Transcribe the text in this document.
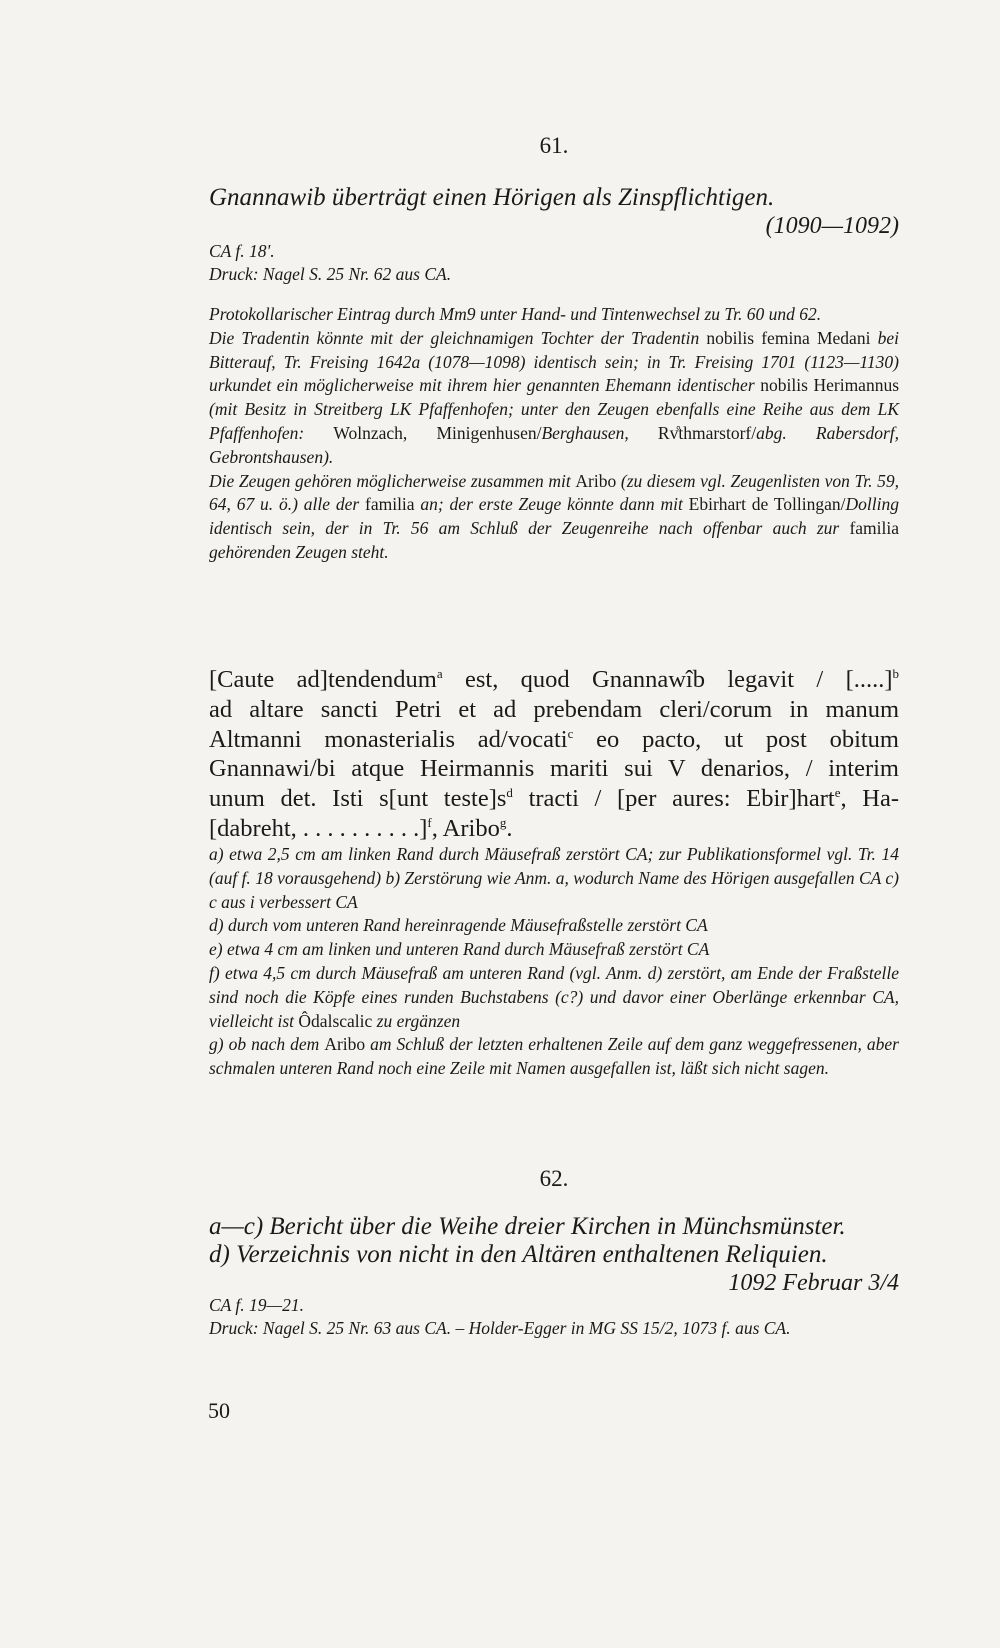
61.
Gnannawib überträgt einen Hörigen als Zinspflichtigen.
(1090—1092)
CA f. 18'.
Druck: Nagel S. 25 Nr. 62 aus CA.
Protokollarischer Eintrag durch Mm9 unter Hand- und Tintenwechsel zu Tr. 60 und 62.
Die Tradentin könnte mit der gleichnamigen Tochter der Tradentin nobilis femina Medani bei Bitterauf, Tr. Freising 1642a (1078—1098) identisch sein; in Tr. Freising 1701 (1123—1130) urkundet ein möglicherweise mit ihrem hier genannten Ehemann identischer nobilis Herimannus (mit Besitz in Streitberg LK Pfaffenhofen; unter den Zeugen ebenfalls eine Reihe aus dem LK Pfaffenhofen: Wolnzach, Minigenhusen/Berghausen, Rv̊thmarstorf/abg. Rabersdorf, Gebrontshausen).
Die Zeugen gehören möglicherweise zusammen mit Aribo (zu diesem vgl. Zeugenlisten von Tr. 59, 64, 67 u. ö.) alle der familia an; der erste Zeuge könnte dann mit Ebirhart de Tollingan/Dolling identisch sein, der in Tr. 56 am Schluß der Zeugenreihe nach offenbar auch zur familia gehörenden Zeugen steht.
[Caute ad]tendendum$^a$ est, quod Gnannawîb legavit / [.....]$^b$
ad altare sancti Petri et ad prebendam cleri/corum in manum
Altmanni monasterialis ad/vocati$^c$ eo pacto, ut post obitum
Gnannawi/bi atque Heirmannis mariti sui V denarios, / interim
unum det. Isti s[unt $teste]s^d$ tracti / [per aures: Ebir]hart$^e$, Ha-
[dabreht, . . . . . . . . . .]$^f$, Aribo$^g$.
a) etwa 2,5 cm am linken Rand durch Mäusefraß zerstört CA; zur Publikationsformel vgl. Tr. 14 (auf f. 18 vorausgehend) b) Zerstörung wie Anm. a, wodurch Name des Hörigen ausgefallen CA c) c aus i verbessert CA
d) durch vom unteren Rand hereinragende Mäusefraßstelle zerstört CA
e) etwa 4 cm am linken und unteren Rand durch Mäusefraß zerstört CA
f) etwa 4,5 cm durch Mäusefraß am unteren Rand (vgl. Anm. d) zerstört, am Ende der Fraßstelle sind noch die Köpfe eines runden Buchstabens (c?) und davor einer Oberlänge erkennbar CA, vielleicht ist Ôdalscalic zu ergänzen
g) ob nach dem Aribo am Schluß der letzten erhaltenen Zeile auf dem ganz weggefressenen, aber schmalen unteren Rand noch eine Zeile mit Namen ausgefallen ist, läßt sich nicht sagen.
62.
a—c) Bericht über die Weihe dreier Kirchen in Münchsmünster.
d) Verzeichnis von nicht in den Altären enthaltenen Reliquien.
1092 Februar 3/4
CA f. 19—21.
Druck: Nagel S. 25 Nr. 63 aus CA. – Holder-Egger in MG SS 15/2, 1073 f. aus CA.
50
